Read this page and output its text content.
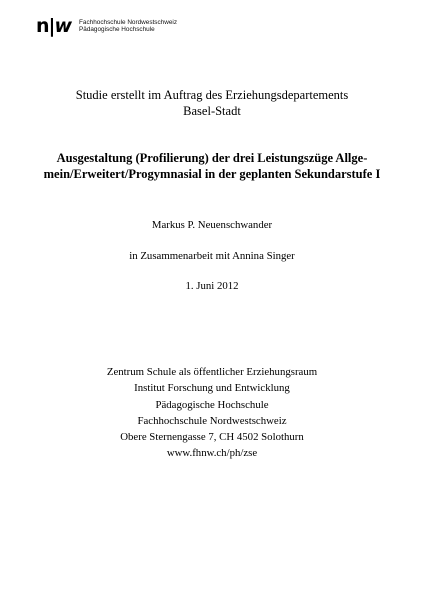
n|w	Fachhochschule Nordwestschweiz
Pädagogische Hochschule
Studie erstellt im Auftrag des Erziehungsdepartements
Basel-Stadt
Ausgestaltung (Profilierung) der drei Leistungszüge Allge-
mein/Erweitert/Progymnasial in der geplanten Sekundarstufe I
Markus P. Neuenschwander
in Zusammenarbeit mit Annina Singer
1. Juni 2012
Zentrum Schule als öffentlicher Erziehungsraum
Institut Forschung und Entwicklung
Pädagogische Hochschule
Fachhochschule Nordwestschweiz
Obere Sternengasse 7, CH 4502 Solothurn
www.fhnw.ch/ph/zse
